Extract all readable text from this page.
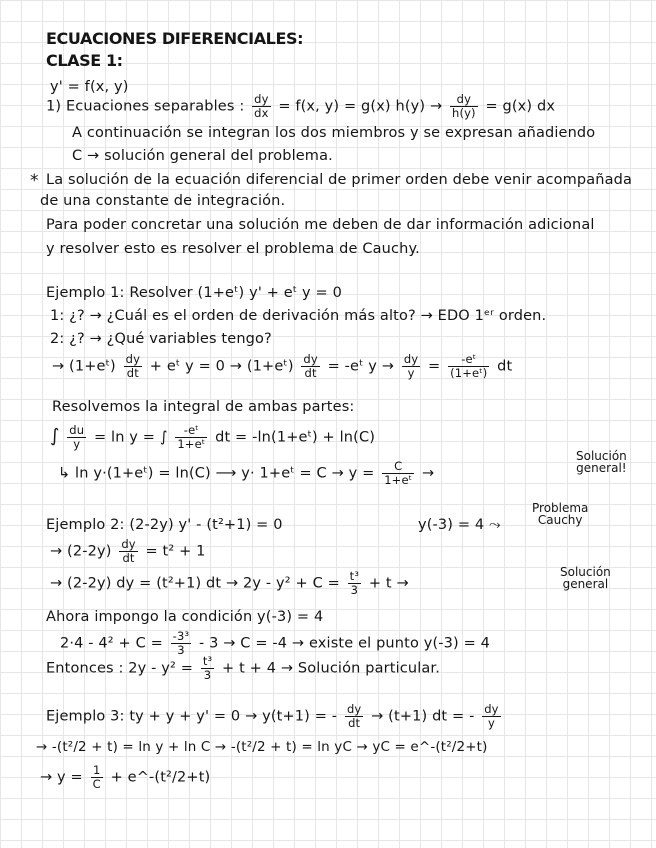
ECUACIONES DIFERENCIALES:
CLASE 1:
y' = f(x, y)
1) Ecuaciones separables : $\frac{dy}{dx} = f(x$, y) = g(x) $h(y) \to \frac{dy}{h(y)} = g(x)$ dx
A continuación se integran los dos miembros y se expresan añadiendo
C → solución general del problema.
* La solución de la ecuación diferencial de primer orden debe venir acompañada
de una constante de integración.
Para poder concretar una solución me deben de dar información adicional
y resolver esto es resolver el problema de Cauchy.
Ejemplo 1: Resolver (1+eᵗ) y' + eᵗ y = 0
1: ¿? → ¿Cuál es el orden de derivación más alto? → EDO 1ᵉʳ orden.
2: ¿? → ¿Qué variables tengo?
→ (1+eᵗ) $\frac{dy}{dt}$ + eᵗ y = 0 → (1+eᵗ) $\frac{dy}{dt}$ = -eᵗ $y \to \frac{dy}{y} = \frac{\text{-eᵗ}}{\text{(1+eᵗ)}}$ dt
Resolvemos la integral de ambas partes:
∫ $\frac{du}{y} = \ln y$ = ∫ $\frac{\text{-eᵗ}}{\text{1+eᵗ}}$ dt = -ln(1+eᵗ) + ln(C)
↳ ln y·(1+eᵗ) = ln(C) ⟶ y· 1+eᵗ = $C \to y = \frac{C}{\text{1+eᵗ}}$ →
Solución
general!
Ejemplo 2: (2-2y) y' - (t²+1) = 0	y(-3) = 4 ⤳
Problema
Cauchy
→ $(2-2y) \frac{dy}{dt} = t^2 + 1$
→ (2-2y) dy = (t²+1) dt → $2y - y^2 + C = \frac{\text{t³}}{3} + t$ →
Solución
general
Ahora impongo la condición y(-3) = 4
$2\cdot 4 - 4^2 + C = \frac{\text{-3³}}{3} - 3 \to C = -4$ → existe el punto y(-3) = 4
Entonces : $2y - y^2 = \frac{\text{t³}}{3} + t + 4$ → Solución particular.
Ejemplo 3: ty + y + y' = 0 → y(t+1) = - $\frac{dy}{dt} \to (t+1)$ dt = - $\frac{dy}{y}$
→ -(t²/2 + t) = ln y + ln C → -(t²/2 + t) = ln yC → yC = e^-(t²/2+t)
→ $y = \frac{1}{C}$ + e^-(t²/2+t)
